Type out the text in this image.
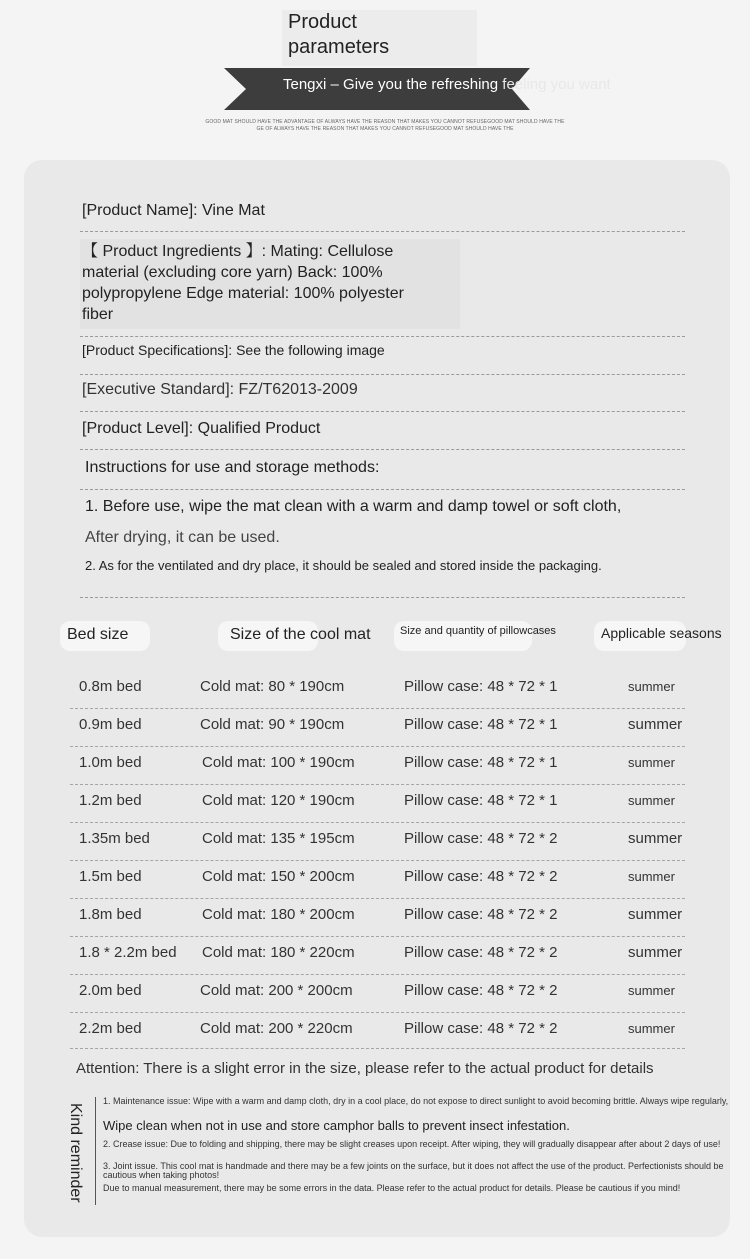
Product
parameters
Tengxi – Give you the refreshing feeling you want
GOOD MAT SHOULD HAVE THE ADVANTAGE OF ALWAYS HAVE THE REASON THAT MAKES YOU CANNOT REFUSEGOOD MAT SHOULD HAVE THE
GE OF ALWAYS HAVE THE REASON THAT MAKES YOU CANNOT REFUSEGOOD MAT SHOULD HAVE THE
[Product Name]: Vine Mat
【 Product Ingredients 】: Mating: Cellulose
material (excluding core yarn) Back: 100%
polypropylene Edge material: 100% polyester
fiber
[Product Specifications]: See the following image
[Executive Standard]: FZ/T62013-2009
[Product Level]: Qualified Product
Instructions for use and storage methods:
1. Before use, wipe the mat clean with a warm and damp towel or soft cloth,
After drying, it can be used.
2. As for the ventilated and dry place, it should be sealed and stored inside the packaging.
Bed size	Size of the cool mat	Size and quantity of pillowcases	Applicable seasons
0.8m bed	Cold mat: 80 * 190cm	Pillow case: 48 * 72 * 1	summer
0.9m bed	Cold mat: 90 * 190cm	Pillow case: 48 * 72 * 1	summer
1.0m bed	Cold mat: 100 * 190cm	Pillow case: 48 * 72 * 1	summer
1.2m bed	Cold mat: 120 * 190cm	Pillow case: 48 * 72 * 1	summer
1.35m bed	Cold mat: 135 * 195cm	Pillow case: 48 * 72 * 2	summer
1.5m bed	Cold mat: 150 * 200cm	Pillow case: 48 * 72 * 2	summer
1.8m bed	Cold mat: 180 * 200cm	Pillow case: 48 * 72 * 2	summer
1.8 * 2.2m bed Cold mat: 180 * 220cm	Pillow case: 48 * 72 * 2	summer
2.0m bed	Cold mat: 200 * 200cm	Pillow case: 48 * 72 * 2	summer
2.2m bed	Cold mat: 200 * 220cm	Pillow case: 48 * 72 * 2	summer
Attention: There is a slight error in the size, please refer to the actual product for details
Kind reminder
1. Maintenance issue: Wipe with a warm and damp cloth, dry in a cool place, do not expose to direct sunlight to avoid becoming brittle. Always wipe regularly,
Wipe clean when not in use and store camphor balls to prevent insect infestation.
2. Crease issue: Due to folding and shipping, there may be slight creases upon receipt. After wiping, they will gradually disappear after about 2 days of use!
3. Joint issue. This cool mat is handmade and there may be a few joints on the surface, but it does not affect the use of the product. Perfectionists should be cautious when taking photos!
Due to manual measurement, there may be some errors in the data. Please refer to the actual product for details. Please be cautious if you mind!
